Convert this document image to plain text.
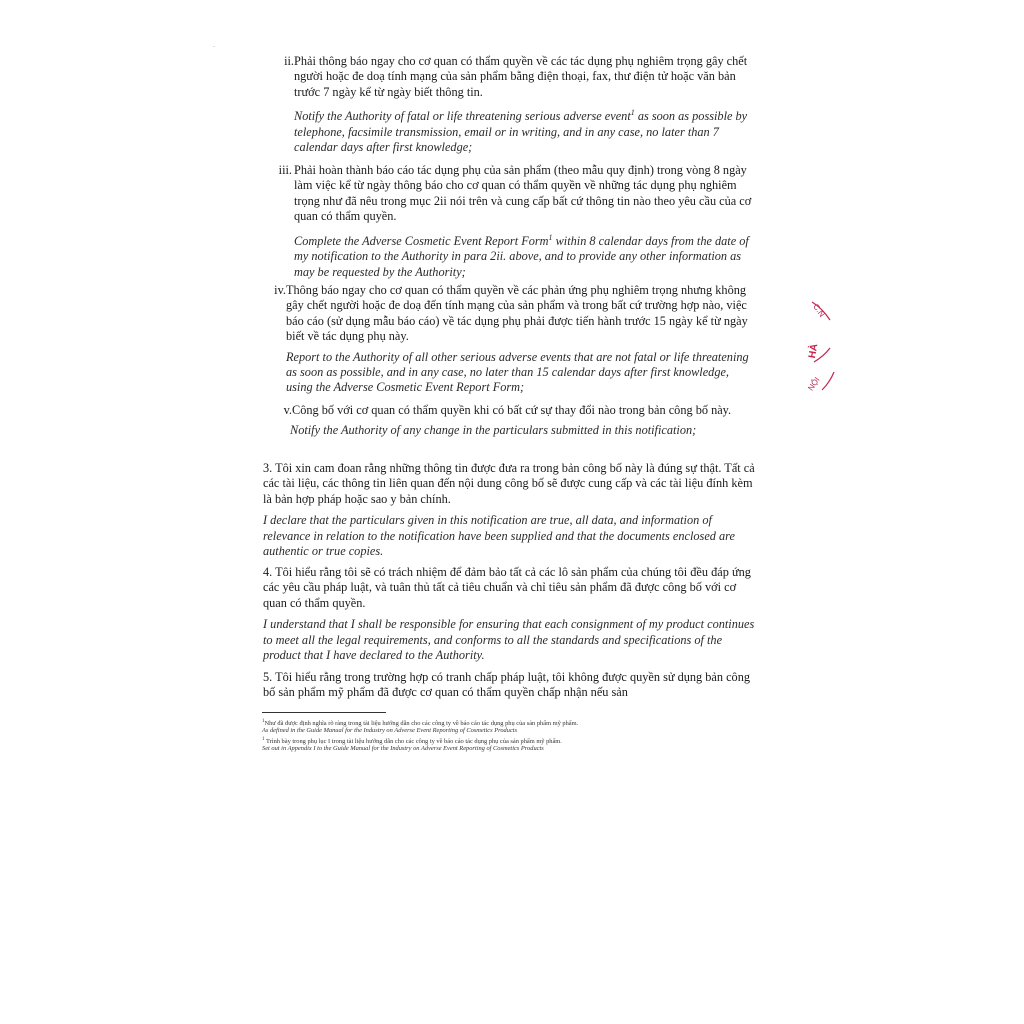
ii. Phải thông báo ngay cho cơ quan có thẩm quyền về các tác dụng phụ nghiêm trọng gây chết người hoặc đe doạ tính mạng của sản phẩm bằng điện thoại, fax, thư điện tử hoặc văn bản trước 7 ngày kể từ ngày biết thông tin.
Notify the Authority of fatal or life threatening serious adverse event$^1$ as soon as possible by telephone, facsimile transmission, email or in writing, and in any case, no later than 7 calendar days after first knowledge;
iii. Phải hoàn thành báo cáo tác dụng phụ của sản phẩm (theo mẫu quy định) trong vòng 8 ngày làm việc kể từ ngày thông báo cho cơ quan có thẩm quyền về những tác dụng phụ nghiêm trọng như đã nêu trong mục 2ii nói trên và cung cấp bất cứ thông tin nào theo yêu cầu của cơ quan có thẩm quyền.
Complete the Adverse Cosmetic Event Report Form$^1$ within 8 calendar days from the date of my notification to the Authority in para 2ii. above, and to provide any other information as may be requested by the Authority;
iv. Thông báo ngay cho cơ quan có thẩm quyền về các phản ứng phụ nghiêm trọng nhưng không gây chết người hoặc đe doạ đến tính mạng của sản phẩm và trong bất cứ trường hợp nào, việc báo cáo (sử dụng mẫu báo cáo) về tác dụng phụ phải được tiến hành trước 15 ngày kể từ ngày biết về tác dụng phụ này.
Report to the Authority of all other serious adverse events that are not fatal or life threatening as soon as possible, and in any case, no later than 15 calendar days after first knowledge, using the Adverse Cosmetic Event Report Form;
v. Công bố với cơ quan có thẩm quyền khi có bất cứ sự thay đổi nào trong bản công bố này.
Notify the Authority of any change in the particulars submitted in this notification;
3. Tôi xin cam đoan rằng những thông tin được đưa ra trong bản công bố này là đúng sự thật. Tất cả các tài liệu, các thông tin liên quan đến nội dung công bố sẽ được cung cấp và các tài liệu đính kèm là bản hợp pháp hoặc sao y bản chính.
I declare that the particulars given in this notification are true, all data, and information of relevance in relation to the notification have been supplied and that the documents enclosed are authentic or true copies.
4. Tôi hiểu rằng tôi sẽ có trách nhiệm để đảm bảo tất cả các lô sản phẩm của chúng tôi đều đáp ứng các yêu cầu pháp luật, và tuân thủ tất cả tiêu chuẩn và chỉ tiêu sản phẩm đã được công bố với cơ quan có thẩm quyền.
I understand that I shall be responsible for ensuring that each consignment of my product continues to meet all the legal requirements, and conforms to all the standards and specifications of the product that I have declared to the Authority.
5. Tôi hiểu rằng trong trường hợp có tranh chấp pháp luật, tôi không được quyền sử dụng bản công bố sản phẩm mỹ phẩm đã được cơ quan có thẩm quyền chấp nhận nếu sản
$^1$Như đã được định nghĩa rõ ràng trong tài liệu hướng dẫn cho các công ty về báo cáo tác dụng phụ của sản phẩm mỹ phẩm.
As defined in the Guide Manual for the Industry on Adverse Event Reporting of Cosmetics Products
$^1$ Trình bày trong phụ lục I trong tài liệu hướng dẫn cho các công ty về báo cáo tác dụng phụ của sản phẩm mỹ phẩm.
Set out in Appendix I to the Guide Manual for the Industry on Adverse Event Reporting of Cosmetics Products
C.N
HÀ
NỘI
